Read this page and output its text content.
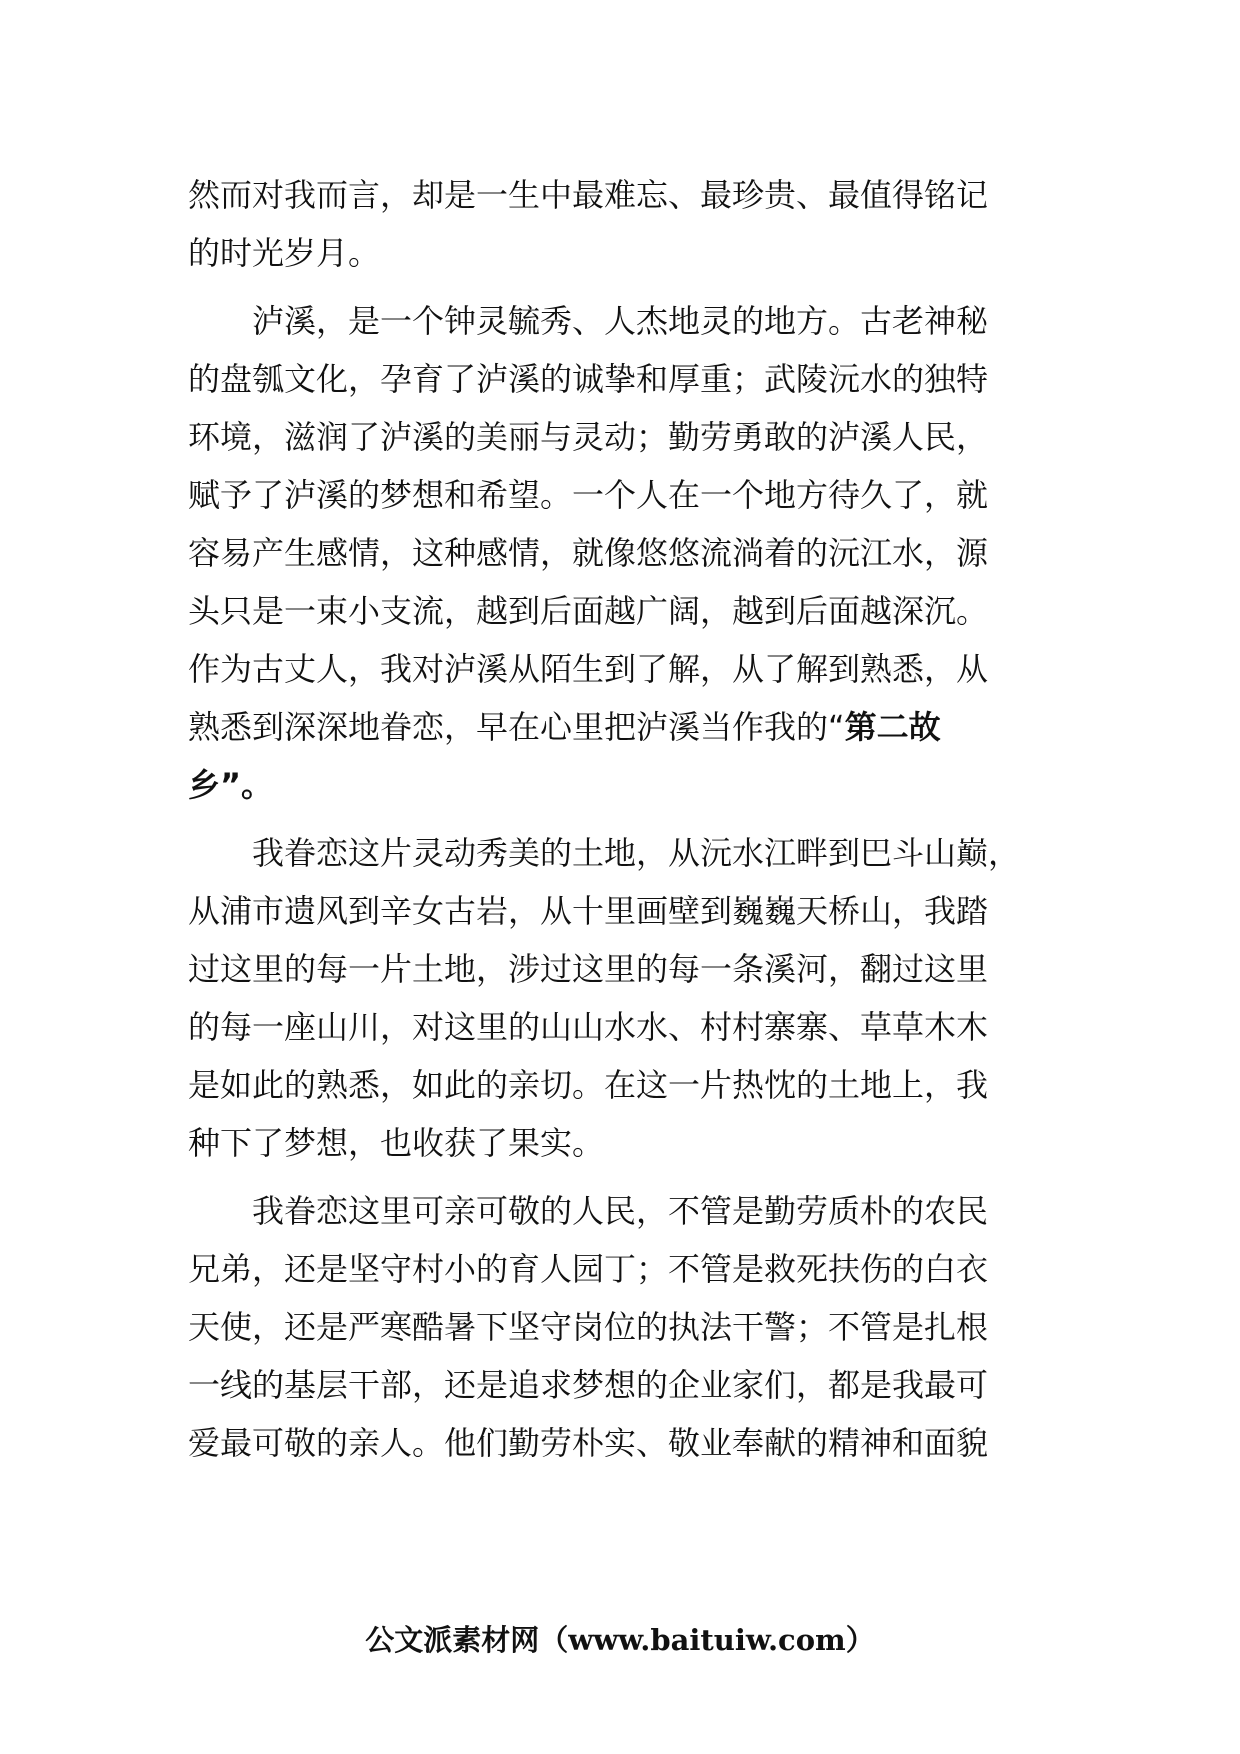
然而对我而言，却是一生中最难忘、最珍贵、最值得铭记
的时光岁月。
泸溪，是一个钟灵毓秀、人杰地灵的地方。古老神秘
的盘瓠文化，孕育了泸溪的诚挚和厚重；武陵沅水的独特
环境，滋润了泸溪的美丽与灵动；勤劳勇敢的泸溪人民，
赋予了泸溪的梦想和希望。一个人在一个地方待久了，就
容易产生感情，这种感情，就像悠悠流淌着的沅江水，源
头只是一束小支流，越到后面越广阔，越到后面越深沉。
作为古丈人，我对泸溪从陌生到了解，从了解到熟悉，从
熟悉到深深地眷恋，早在心里把泸溪当作我的“第二故
乡”。
我眷恋这片灵动秀美的土地，从沅水江畔到巴斗山巅，
从浦市遗风到辛女古岩，从十里画壁到巍巍天桥山，我踏
过这里的每一片土地，涉过这里的每一条溪河，翻过这里
的每一座山川，对这里的山山水水、村村寨寨、草草木木
是如此的熟悉，如此的亲切。在这一片热忱的土地上，我
种下了梦想，也收获了果实。
我眷恋这里可亲可敬的人民，不管是勤劳质朴的农民
兄弟，还是坚守村小的育人园丁；不管是救死扶伤的白衣
天使，还是严寒酷暑下坚守岗位的执法干警；不管是扎根
一线的基层干部，还是追求梦想的企业家们，都是我最可
爱最可敬的亲人。他们勤劳朴实、敬业奉献的精神和面貌
公文派素材网（www.baituiw.com）
